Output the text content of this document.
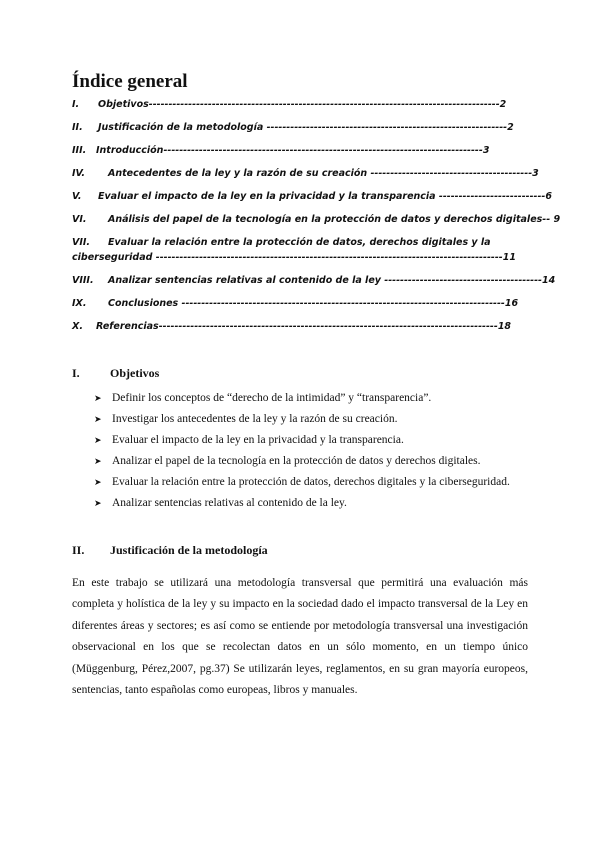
Índice general
I. Objetivos-----------------------------------------------------------------------------------------2
II. Justificación de la metodología -------------------------------------------------------------2
III. Introducción---------------------------------------------------------------------------------3
IV. Antecedentes de la ley y la razón de su creación -----------------------------------------3
V. Evaluar el impacto de la ley en la privacidad y la transparencia ---------------------------6
VI. Análisis del papel de la tecnología en la protección de datos y derechos digitales-- 9
VII. Evaluar la relación entre la protección de datos, derechos digitales y la
ciberseguridad ----------------------------------------------------------------------------------------11
VIII. Analizar sentencias relativas al contenido de la ley ----------------------------------------14
IX. Conclusiones ----------------------------------------------------------------------------------16
X. Referencias--------------------------------------------------------------------------------------18
I.	Objetivos
➤ Definir los conceptos de “derecho de la intimidad” y “transparencia”.
➤ Investigar los antecedentes de la ley y la razón de su creación.
➤ Evaluar el impacto de la ley en la privacidad y la transparencia.
➤ Analizar el papel de la tecnología en la protección de datos y derechos digitales.
➤ Evaluar la relación entre la protección de datos, derechos digitales y la ciberseguridad.
➤ Analizar sentencias relativas al contenido de la ley.
II. Justificación de la metodología
En este trabajo se utilizará una metodología transversal que permitirá una evaluación más completa y holística de la ley y su impacto en la sociedad dado el impacto transversal de la Ley en diferentes áreas y sectores; es así como se entiende por metodología transversal una investigación observacional en los que se recolectan datos en un sólo momento, en un tiempo único (Müggenburg, Pérez,2007, pg.37) Se utilizarán leyes, reglamentos, en su gran mayoría europeos, sentencias, tanto españolas como europeas, libros y manuales.
